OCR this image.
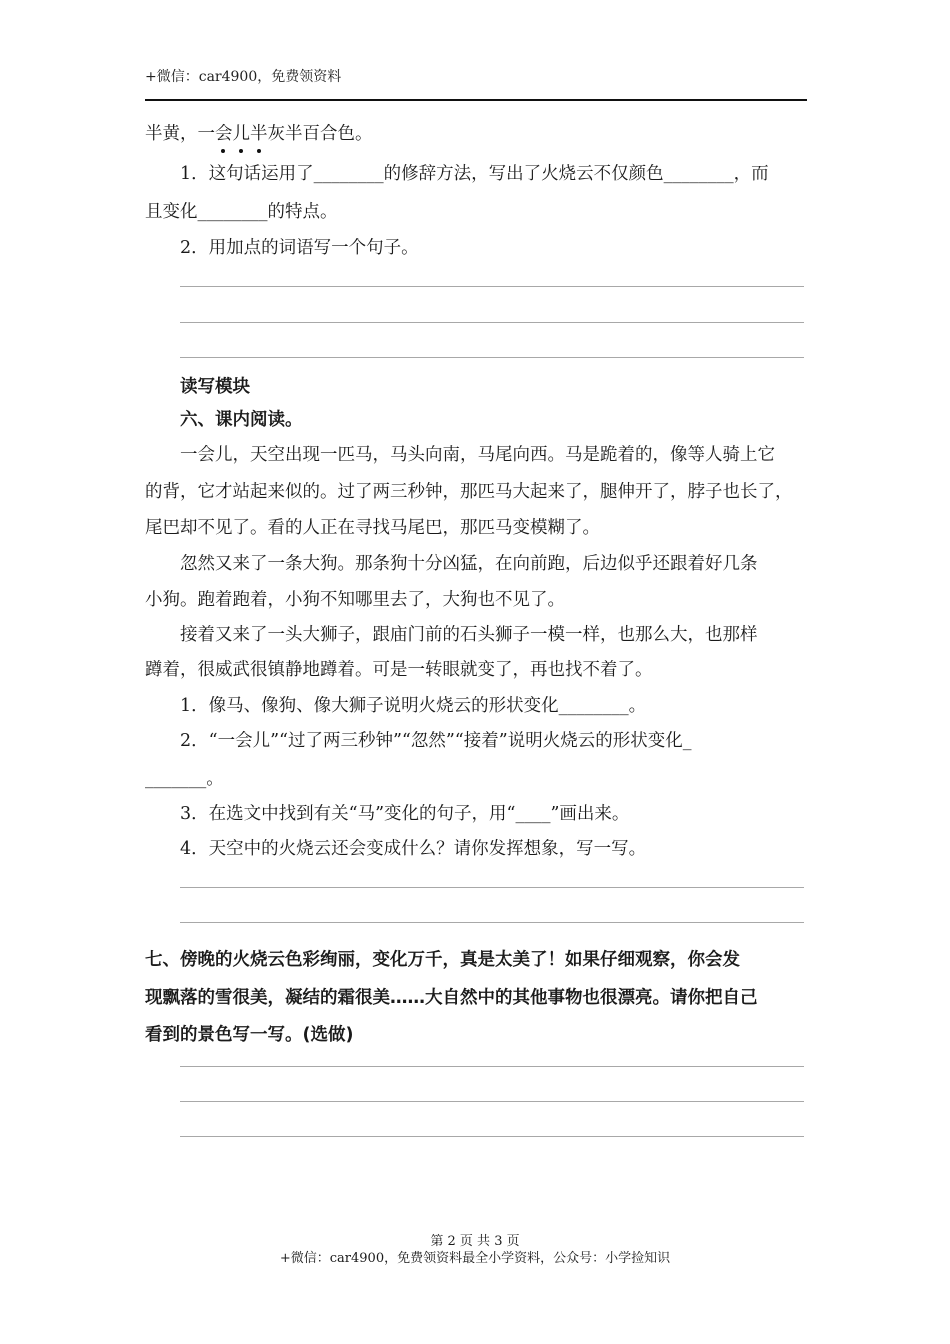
+微信：car4900，免费领资料
半黄，一会儿半灰半百合色。
1．这句话运用了________的修辞方法，写出了火烧云不仅颜色________，而
且变化________的特点。
2．用加点的词语写一个句子。
读写模块
六、课内阅读。
一会儿，天空出现一匹马，马头向南，马尾向西。马是跪着的，像等人骑上它
的背，它才站起来似的。过了两三秒钟，那匹马大起来了，腿伸开了，脖子也长了，
尾巴却不见了。看的人正在寻找马尾巴，那匹马变模糊了。
忽然又来了一条大狗。那条狗十分凶猛，在向前跑，后边似乎还跟着好几条
小狗。跑着跑着，小狗不知哪里去了，大狗也不见了。
接着又来了一头大狮子，跟庙门前的石头狮子一模一样，也那么大，也那样
蹲着，很威武很镇静地蹲着。可是一转眼就变了，再也找不着了。
1．像马、像狗、像大狮子说明火烧云的形状变化________。
2．“一会儿”“过了两三秒钟”“忽然”“接着”说明火烧云的形状变化_
_______。
3．在选文中找到有关“马”变化的句子，用“____”画出来。
4．天空中的火烧云还会变成什么？请你发挥想象，写一写。
七、傍晚的火烧云色彩绚丽，变化万千，真是太美了！如果仔细观察，你会发
现飘落的雪很美，凝结的霜很美……大自然中的其他事物也很漂亮。请你把自己
看到的景色写一写。(选做)
第 2 页 共 3 页
+微信：car4900，免费领资料最全小学资料，公众号：小学捡知识
